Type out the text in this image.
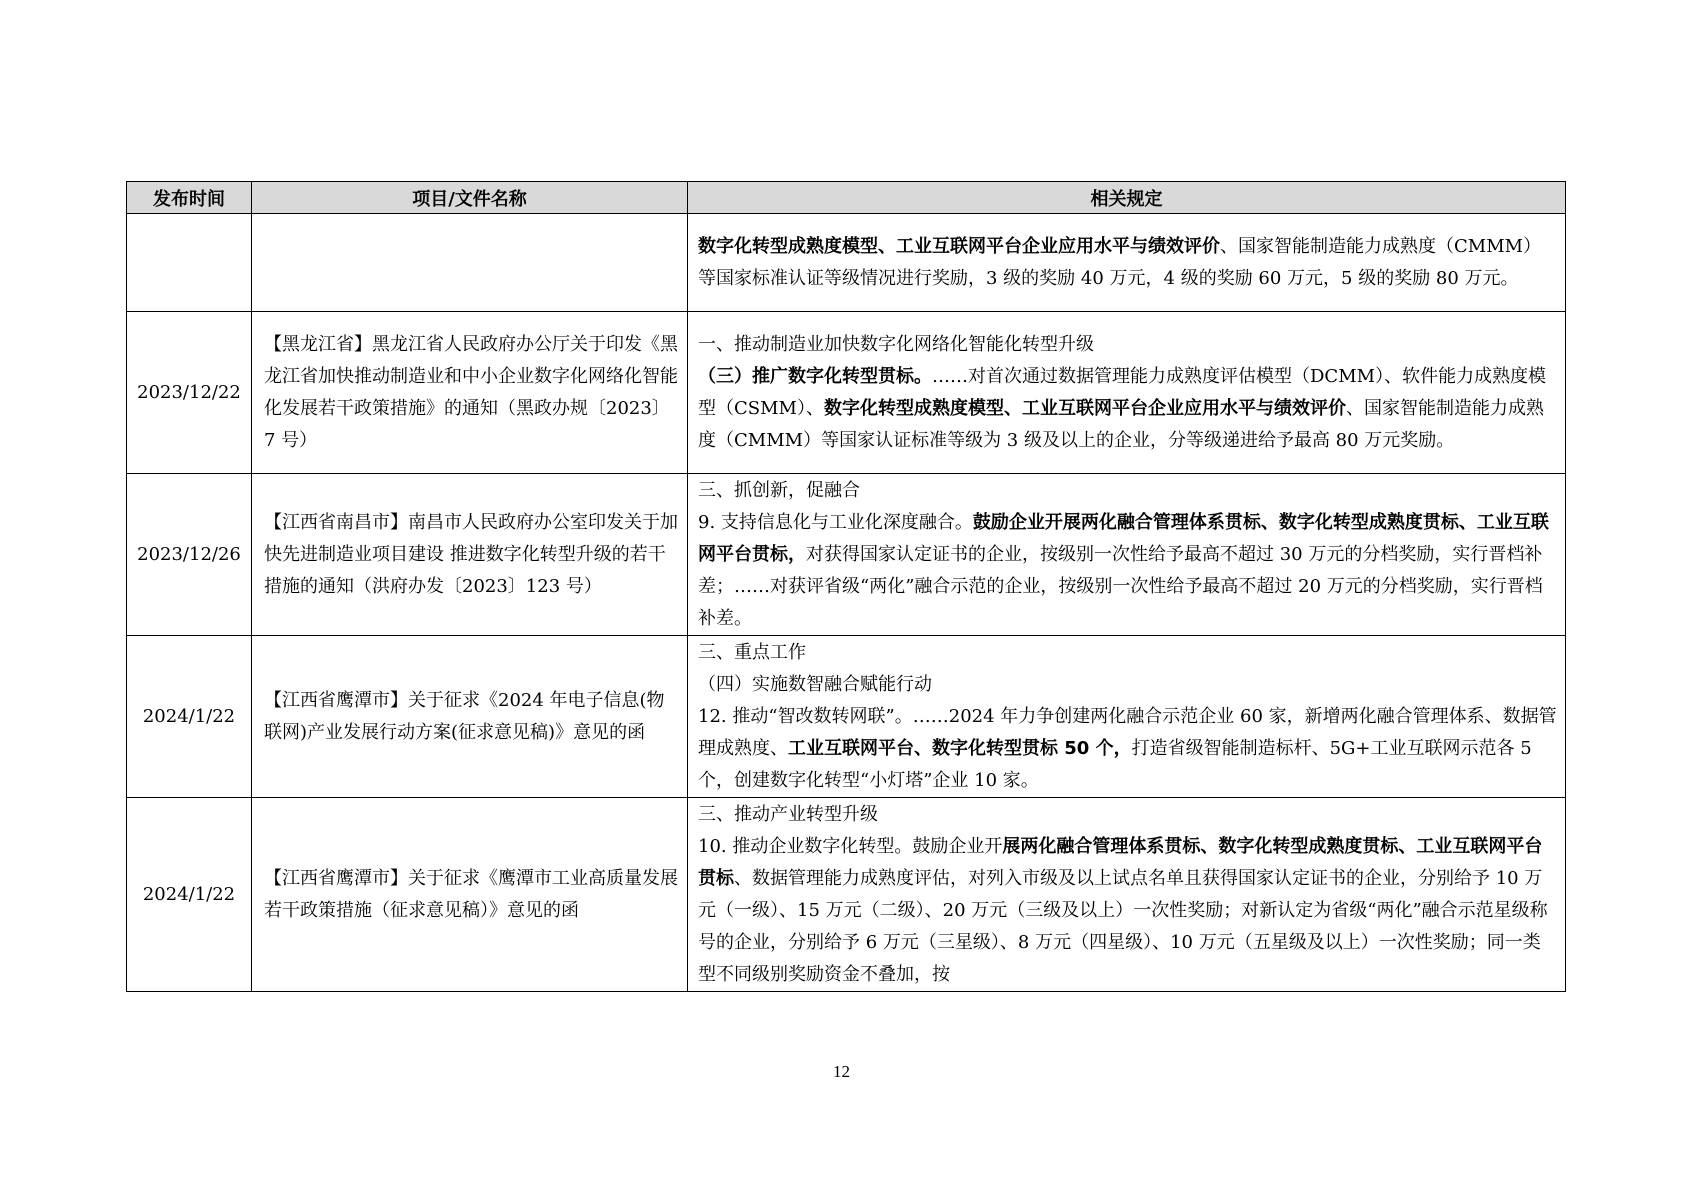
发布时间	项目/文件名称	相关规定

		数字化转型成熟度模型、工业互联网平台企业应用水平与绩效评价、国家智能制造能力成熟度（CMMM）等国家标准认证等级情况进行奖励，3 级的奖励 40 万元，4 级的奖励 60 万元，5 级的奖励 80 万元。

2023/12/22	【黑龙江省】黑龙江省人民政府办公厅关于印发《黑龙江省加快推动制造业和中小企业数字化网络化智能化发展若干政策措施》的通知（黑政办规〔2023〕7 号）	一、推动制造业加快数字化网络化智能化转型升级

（三）推广数字化转型贯标。……对首次通过数据管理能力成熟度评估模型（DCMM）、软件能力成熟度模型（CSMM）、数字化转型成熟度模型、工业互联网平台企业应用水平与绩效评价、国家智能制造能力成熟度（CMMM）等国家认证标准等级为 3 级及以上的企业，分等级递进给予最高 80 万元奖励。

2023/12/26	【江西省南昌市】南昌市人民政府办公室印发关于加快先进制造业项目建设 推进数字化转型升级的若干措施的通知（洪府办发〔2023〕123 号）	三、抓创新，促融合

9. 支持信息化与工业化深度融合。鼓励企业开展两化融合管理体系贯标、数字化转型成熟度贯标、工业互联网平台贯标，对获得国家认定证书的企业，按级别一次性给予最高不超过 30 万元的分档奖励，实行晋档补差；……对获评省级“两化”融合示范的企业，按级别一次性给予最高不超过 20 万元的分档奖励，实行晋档补差。

2024/1/22	【江西省鹰潭市】关于征求《2024 年电子信息(物联网)产业发展行动方案(征求意见稿)》意见的函	三、重点工作

（四）实施数智融合赋能行动

12. 推动“智改数转网联”。……2024 年力争创建两化融合示范企业 60 家，新增两化融合管理体系、数据管理成熟度、工业互联网平台、数字化转型贯标 50 个，打造省级智能制造标杆、5G+工业互联网示范各 5 个，创建数字化转型“小灯塔”企业 10 家。

2024/1/22	【江西省鹰潭市】关于征求《鹰潭市工业高质量发展若干政策措施（征求意见稿）》意见的函	三、推动产业转型升级

10. 推动企业数字化转型。鼓励企业开展两化融合管理体系贯标、数字化转型成熟度贯标、工业互联网平台贯标、数据管理能力成熟度评估，对列入市级及以上试点名单且获得国家认定证书的企业，分别给予 10 万元（一级）、15 万元（二级）、20 万元（三级及以上）一次性奖励；对新认定为省级“两化”融合示范星级称号的企业，分别给予 6 万元（三星级）、8 万元（四星级）、10 万元（五星级及以上）一次性奖励；同一类型不同级别奖励资金不叠加，按

12
